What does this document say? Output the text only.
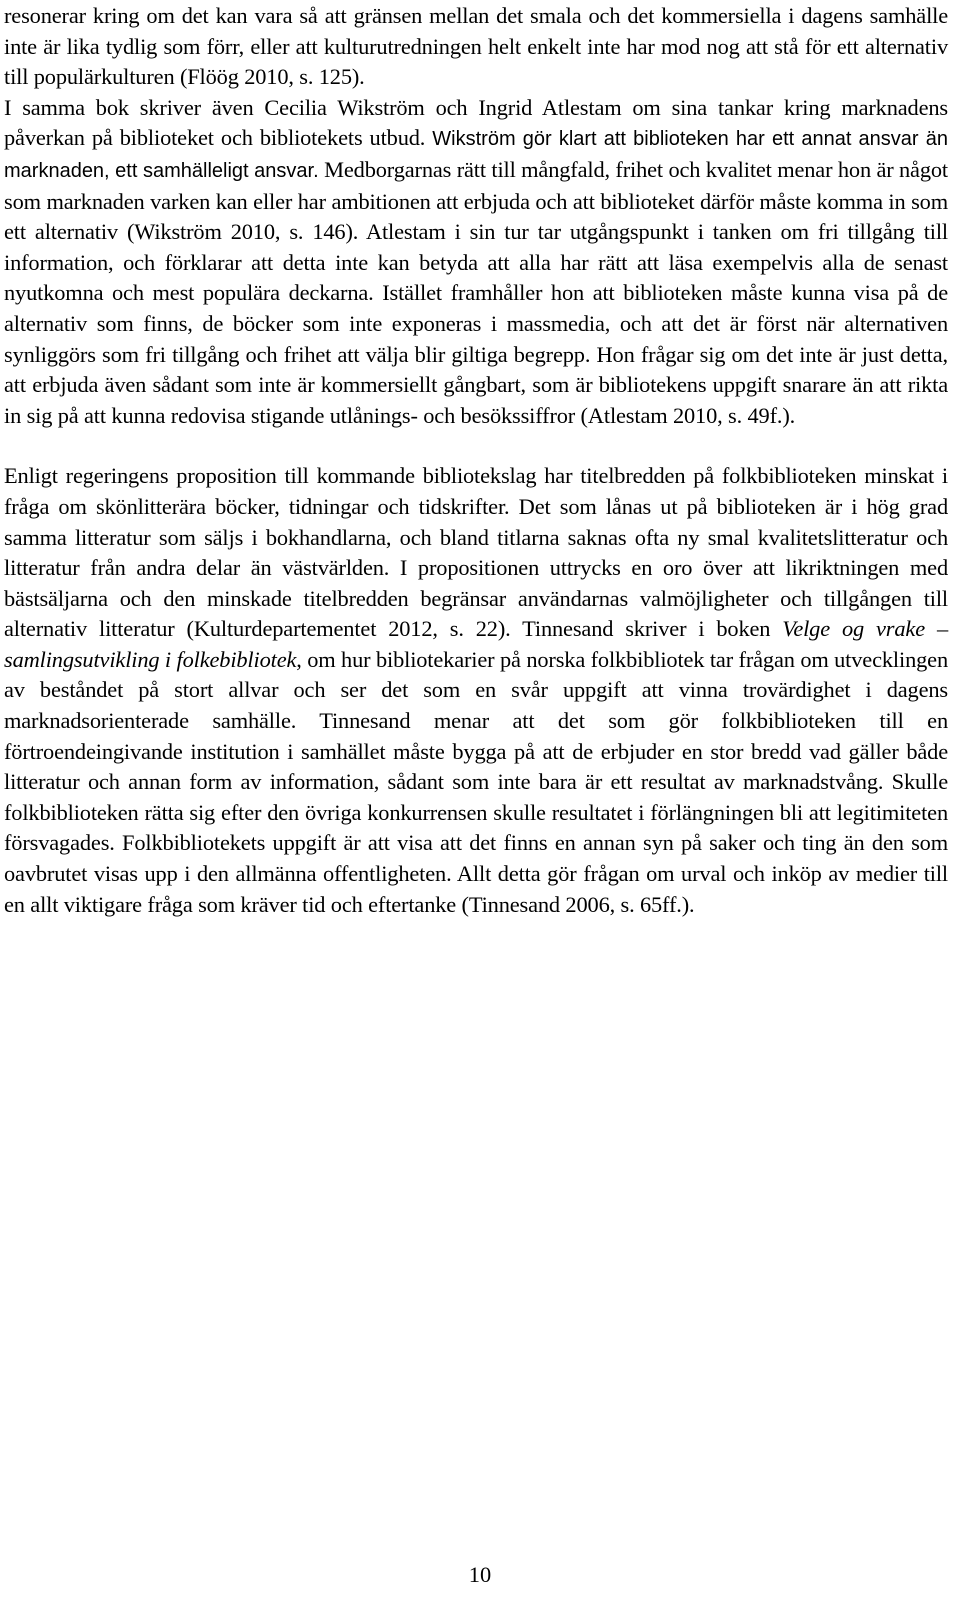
resonerar kring om det kan vara så att gränsen mellan det smala och det kommersiella i dagens samhälle inte är lika tydlig som förr, eller att kulturutredningen helt enkelt inte har mod nog att stå för ett alternativ till populärkulturen (Flöög 2010, s. 125).

I samma bok skriver även Cecilia Wikström och Ingrid Atlestam om sina tankar kring marknadens påverkan på biblioteket och bibliotekets utbud. Wikström gör klart att biblioteken har ett annat ansvar än marknaden, ett samhälleligt ansvar. Medborgarnas rätt till mångfald, frihet och kvalitet menar hon är något som marknaden varken kan eller har ambitionen att erbjuda och att biblioteket därför måste komma in som ett alternativ (Wikström 2010, s. 146). Atlestam i sin tur tar utgångspunkt i tanken om fri tillgång till information, och förklarar att detta inte kan betyda att alla har rätt att läsa exempelvis alla de senast nyutkomna och mest populära deckarna. Istället framhåller hon att biblioteken måste kunna visa på de alternativ som finns, de böcker som inte exponeras i massmedia, och att det är först när alternativen synliggörs som fri tillgång och frihet att välja blir giltiga begrepp. Hon frågar sig om det inte är just detta, att erbjuda även sådant som inte är kommersiellt gångbart, som är bibliotekens uppgift snarare än att rikta in sig på att kunna redovisa stigande utlånings- och besökssiffror (Atlestam 2010, s. 49f.).

Enligt regeringens proposition till kommande bibliotekslag har titelbredden på folkbiblioteken minskat i fråga om skönlitterära böcker, tidningar och tidskrifter. Det som lånas ut på biblioteken är i hög grad samma litteratur som säljs i bokhandlarna, och bland titlarna saknas ofta ny smal kvalitetslitteratur och litteratur från andra delar än västvärlden. I propositionen uttrycks en oro över att likriktningen med bästsäljarna och den minskade titelbredden begränsar användarnas valmöjligheter och tillgången till alternativ litteratur (Kulturdepartementet 2012, s. 22). Tinnesand skriver i boken Velge og vrake – samlingsutvikling i folkebibliotek, om hur bibliotekarier på norska folkbibliotek tar frågan om utvecklingen av beståndet på stort allvar och ser det som en svår uppgift att vinna trovärdighet i dagens marknadsorienterade samhälle. Tinnesand menar att det som gör folkbiblioteken till en förtroendeingivande institution i samhället måste bygga på att de erbjuder en stor bredd vad gäller både litteratur och annan form av information, sådant som inte bara är ett resultat av marknadstvång. Skulle folkbiblioteken rätta sig efter den övriga konkurrensen skulle resultatet i förlängningen bli att legitimiteten försvagades. Folkbibliotekets uppgift är att visa att det finns en annan syn på saker och ting än den som oavbrutet visas upp i den allmänna offentligheten. Allt detta gör frågan om urval och inköp av medier till en allt viktigare fråga som kräver tid och eftertanke (Tinnesand 2006, s. 65ff.).

10
